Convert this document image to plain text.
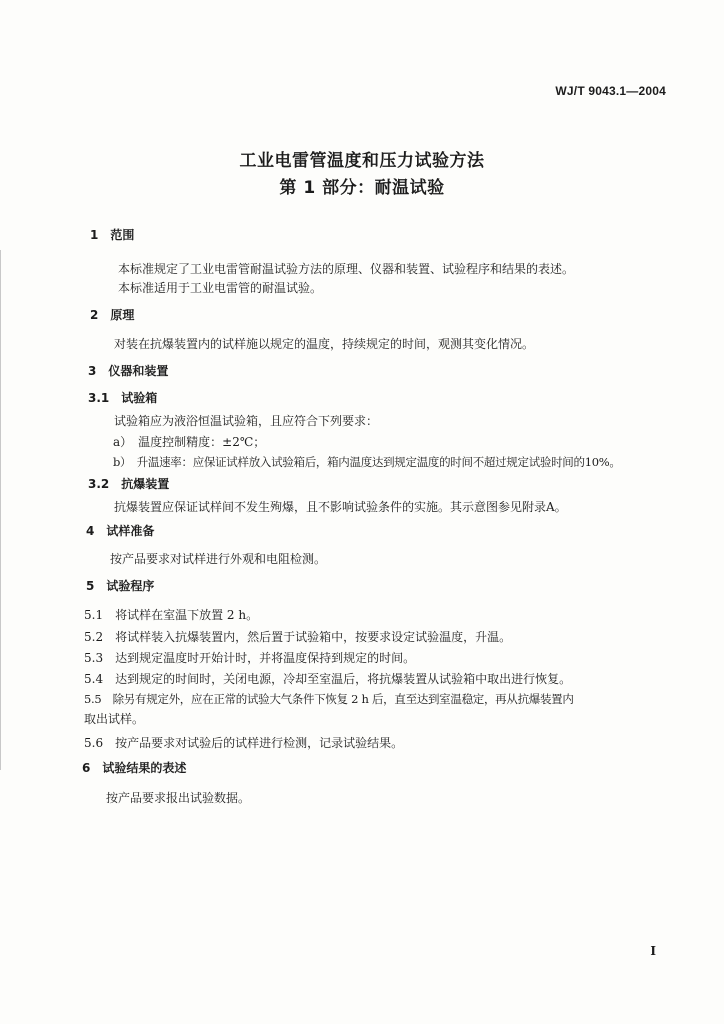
WJ/T 9043.1—2004
工业电雷管温度和压力试验方法
第 1 部分：耐温试验
1　范围
本标准规定了工业电雷管耐温试验方法的原理、仪器和装置、试验程序和结果的表述。
本标准适用于工业电雷管的耐温试验。
2　原理
对装在抗爆装置内的试样施以规定的温度，持续规定的时间，观测其变化情况。
3　仪器和装置
3.1　试验箱
试验箱应为液浴恒温试验箱，且应符合下列要求：
a）　温度控制精度：±2℃；
b）　升温速率：应保证试样放入试验箱后，箱内温度达到规定温度的时间不超过规定试验时间的10%。
3.2　抗爆装置
抗爆装置应保证试样间不发生殉爆，且不影响试验条件的实施。其示意图参见附录A。
4　试样准备
按产品要求对试样进行外观和电阻检测。
5　试验程序
5.1　将试样在室温下放置 2 h。
5.2　将试样装入抗爆装置内，然后置于试验箱中，按要求设定试验温度，升温。
5.3　达到规定温度时开始计时，并将温度保持到规定的时间。
5.4　达到规定的时间时，关闭电源，冷却至室温后，将抗爆装置从试验箱中取出进行恢复。
5.5　除另有规定外，应在正常的试验大气条件下恢复 2 h 后，直至达到室温稳定，再从抗爆装置内
取出试样。
5.6　按产品要求对试验后的试样进行检测，记录试验结果。
6　试验结果的表述
按产品要求报出试验数据。
I
